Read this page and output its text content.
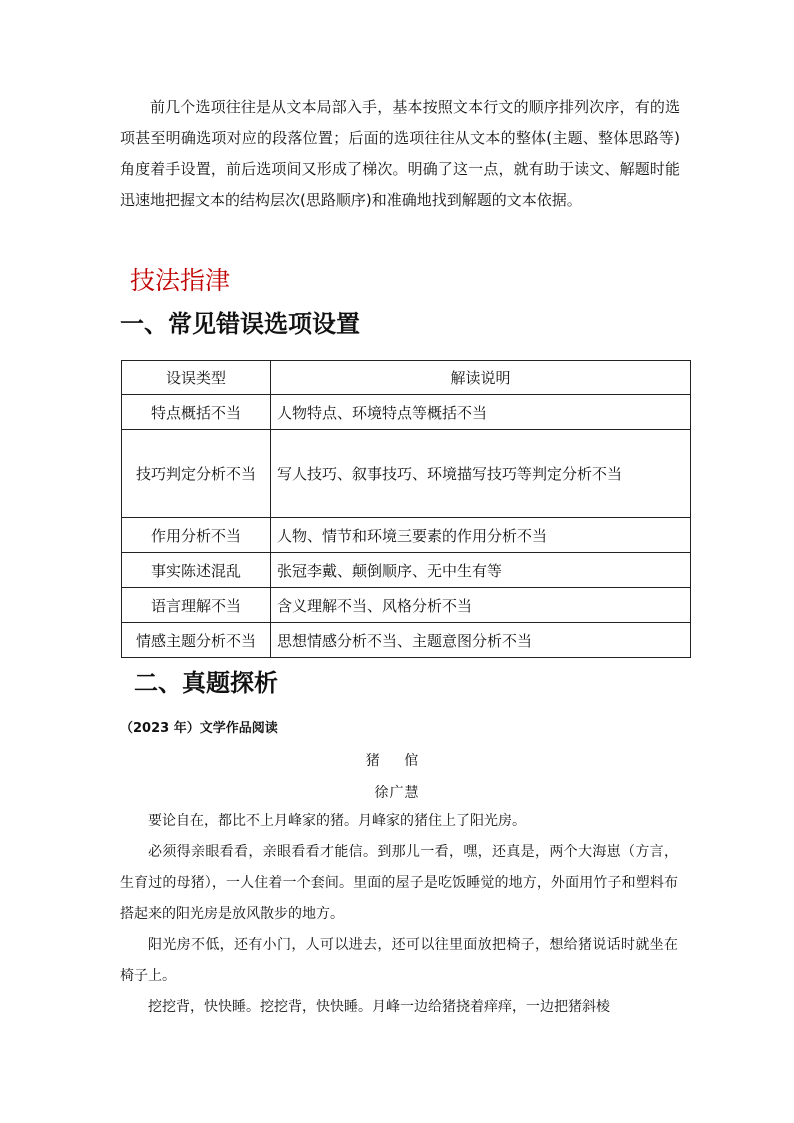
前几个选项往往是从文本局部入手，基本按照文本行文的顺序排列次序，有的选项甚至明确选项对应的段落位置；后面的选项往往从文本的整体(主题、整体思路等)角度着手设置，前后选项间又形成了梯次。明确了这一点，就有助于读文、解题时能迅速地把握文本的结构层次(思路顺序)和准确地找到解题的文本依据。

技法指津
一、常见错误选项设置
设误类型	解读说明
特点概括不当	人物特点、环境特点等概括不当
技巧判定分析不当	写人技巧、叙事技巧、环境描写技巧等判定分析不当
作用分析不当	人物、情节和环境三要素的作用分析不当
事实陈述混乱	张冠李戴、颠倒顺序、无中生有等
语言理解不当	含义理解不当、风格分析不当
情感主题分析不当	思想情感分析不当、主题意图分析不当
二、真题探析

（2023 年）文学作品阅读

猪 倌

徐广慧

要论自在，都比不上月峰家的猪。月峰家的猪住上了阳光房。

必须得亲眼看看，亲眼看看才能信。到那儿一看，嘿，还真是，两个大海崽（方言，生育过的母猪），一人住着一个套间。里面的屋子是吃饭睡觉的地方，外面用竹子和塑料布搭起来的阳光房是放风散步的地方。

阳光房不低，还有小门，人可以进去，还可以往里面放把椅子，想给猪说话时就坐在椅子上。

挖挖背，快快睡。挖挖背，快快睡。月峰一边给猪挠着痒痒，一边把猪斜棱
